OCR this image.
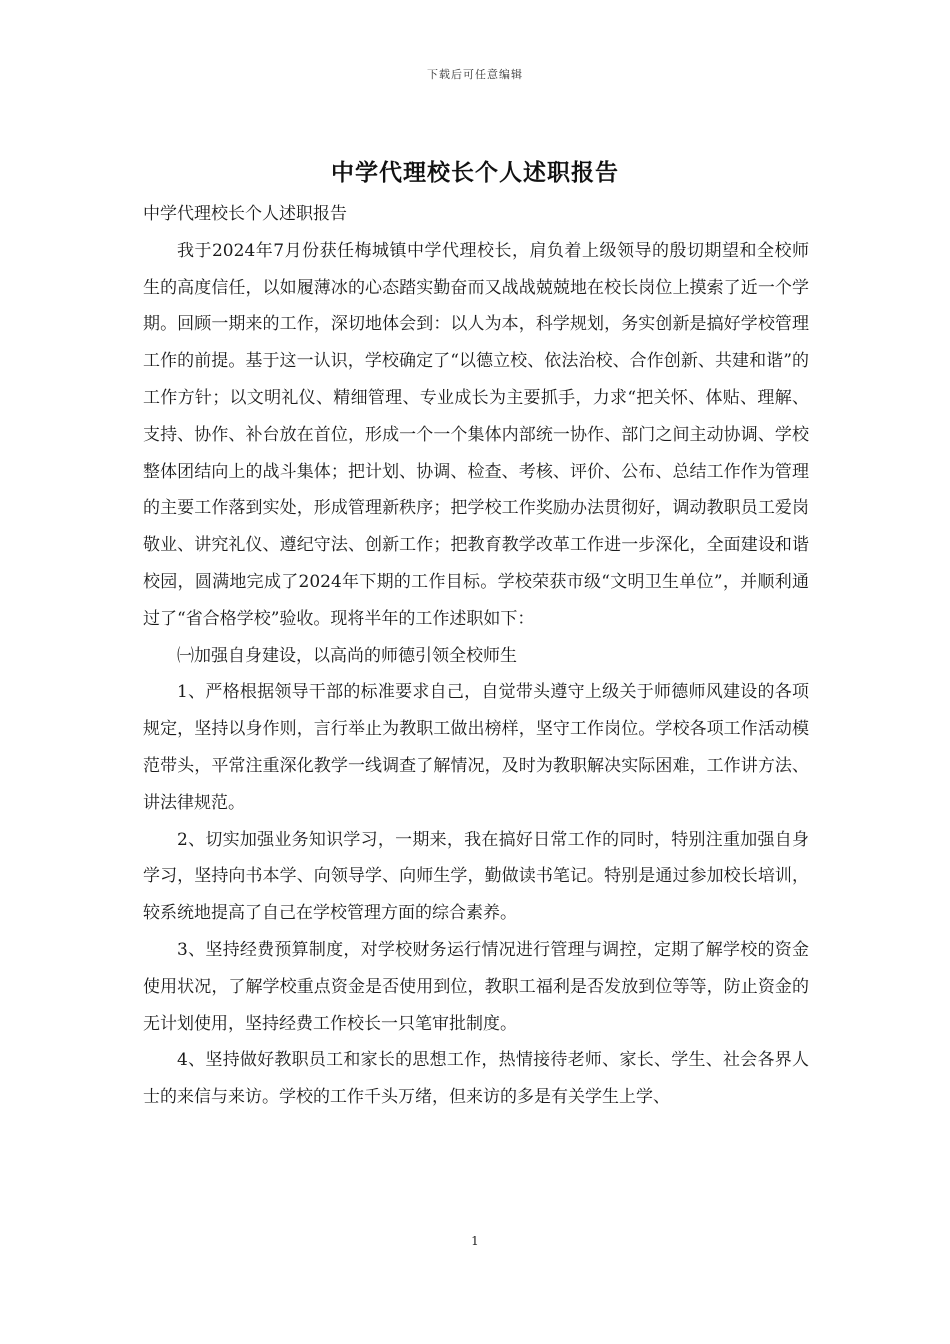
下载后可任意编辑
中学代理校长个人述职报告

中学代理校长个人述职报告

我于2024年7月份获任梅城镇中学代理校长，肩负着上级领导的殷切期望和全校师生的高度信任，以如履薄冰的心态踏实勤奋而又战战兢兢地在校长岗位上摸索了近一个学期。回顾一期来的工作，深切地体会到：以人为本，科学规划，务实创新是搞好学校管理工作的前提。基于这一认识，学校确定了“以德立校、依法治校、合作创新、共建和谐”的工作方针；以文明礼仪、精细管理、专业成长为主要抓手，力求“把关怀、体贴、理解、支持、协作、补台放在首位，形成一个一个集体内部统一协作、部门之间主动协调、学校整体团结向上的战斗集体；把计划、协调、检查、考核、评价、公布、总结工作作为管理的主要工作落到实处，形成管理新秩序；把学校工作奖励办法贯彻好，调动教职员工爱岗敬业、讲究礼仪、遵纪守法、创新工作；把教育教学改革工作进一步深化，全面建设和谐校园，圆满地完成了2024年下期的工作目标。学校荣获市级“文明卫生单位”，并顺利通过了“省合格学校”验收。现将半年的工作述职如下：

㈠加强自身建设，以高尚的师德引领全校师生

1、严格根据领导干部的标准要求自己，自觉带头遵守上级关于师德师风建设的各项规定，坚持以身作则，言行举止为教职工做出榜样，坚守工作岗位。学校各项工作活动模范带头，平常注重深化教学一线调查了解情况，及时为教职解决实际困难，工作讲方法、讲法律规范。

2、切实加强业务知识学习，一期来，我在搞好日常工作的同时，特别注重加强自身学习，坚持向书本学、向领导学、向师生学，勤做读书笔记。特别是通过参加校长培训，较系统地提高了自己在学校管理方面的综合素养。

3、坚持经费预算制度，对学校财务运行情况进行管理与调控，定期了解学校的资金使用状况，了解学校重点资金是否使用到位，教职工福利是否发放到位等等，防止资金的无计划使用，坚持经费工作校长一只笔审批制度。

4、坚持做好教职员工和家长的思想工作，热情接待老师、家长、学生、社会各界人士的来信与来访。学校的工作千头万绪，但来访的多是有关学生上学、

1
